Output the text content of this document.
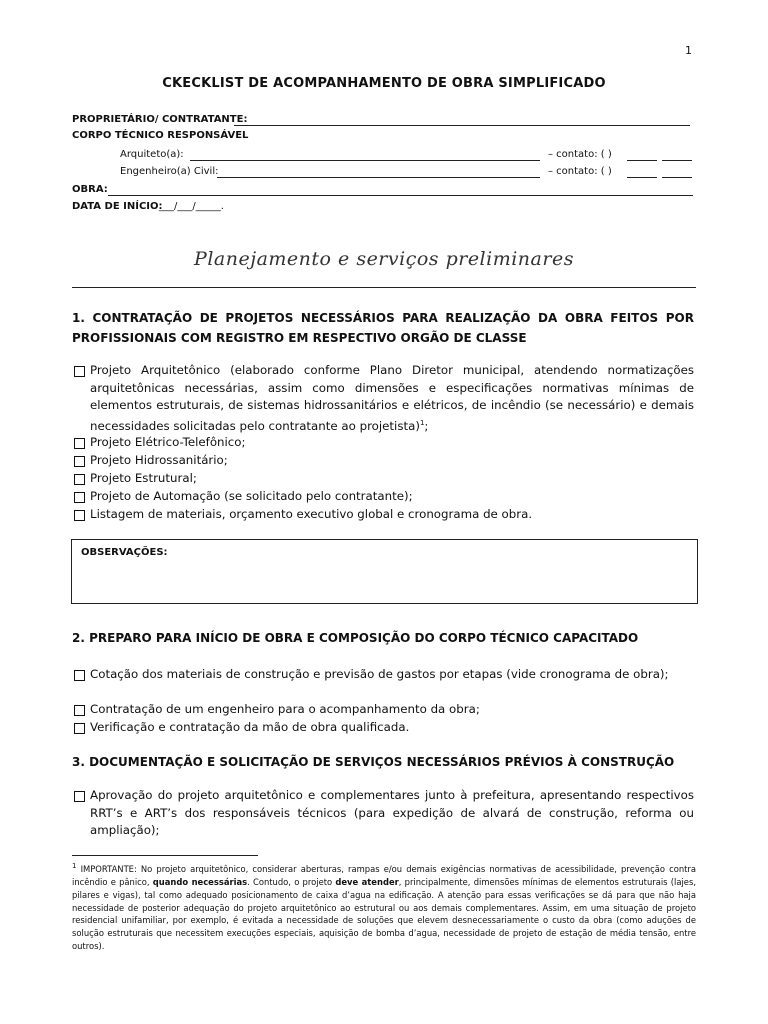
1
CKECKLIST DE ACOMPANHAMENTO DE OBRA SIMPLIFICADO
PROPRIETÁRIO/ CONTRATANTE:
CORPO TÉCNICO RESPONSÁVEL
Arquiteto(a):	– contato: ( )
Engenheiro(a) Civil:	– contato: ( )
OBRA:
DATA DE INÍCIO:
___/___/_____.
Planejamento e serviços preliminares
1. CONTRATAÇÃO DE PROJETOS NECESSÁRIOS PARA REALIZAÇÃO DA OBRA FEITOS POR PROFISSIONAIS COM REGISTRO EM RESPECTIVO ORGÃO DE CLASSE
Projeto Arquitetônico (elaborado conforme Plano Diretor municipal, atendendo normatizações arquitetônicas necessárias, assim como dimensões e especificações normativas mínimas de elementos estruturais, de sistemas hidrossanitários e elétricos, de incêndio (se necessário) e demais necessidades solicitadas pelo contratante ao projetista)$^1$;
Projeto Elétrico-Telefônico;
Projeto Hidrossanitário;
Projeto Estrutural;
Projeto de Automação (se solicitado pelo contratante);
Listagem de materiais, orçamento executivo global e cronograma de obra.
OBSERVAÇÕES:
2. PREPARO PARA INÍCIO DE OBRA E COMPOSIÇÃO DO CORPO TÉCNICO CAPACITADO
Cotação dos materiais de construção e previsão de gastos por etapas (vide cronograma de obra);
Contratação de um engenheiro para o acompanhamento da obra;
Verificação e contratação da mão de obra qualificada.
3. DOCUMENTAÇÃO E SOLICITAÇÃO DE SERVIÇOS NECESSÁRIOS PRÉVIOS À CONSTRUÇÃO
Aprovação do projeto arquitetônico e complementares junto à prefeitura, apresentando respectivos RRT’s e ART’s dos responsáveis técnicos (para expedição de alvará de construção, reforma ou ampliação);
$^1$ IMPORTANTE: No projeto arquitetônico, considerar aberturas, rampas e/ou demais exigências normativas de acessibilidade, prevenção contra incêndio e pânico, quando necessárias. Contudo, o projeto deve atender, principalmente, dimensões mínimas de elementos estruturais (lajes, pilares e vigas), tal como adequado posicionamento de caixa d’agua na edificação. A atenção para essas verificações se dá para que não haja necessidade de posterior adequação do projeto arquitetônico ao estrutural ou aos demais complementares. Assim, em uma situação de projeto residencial unifamiliar, por exemplo, é evitada a necessidade de soluções que elevem desnecessariamente o custo da obra (como aduções de solução estruturais que necessitem execuções especiais, aquisição de bomba d’agua, necessidade de projeto de estação de média tensão, entre outros).
